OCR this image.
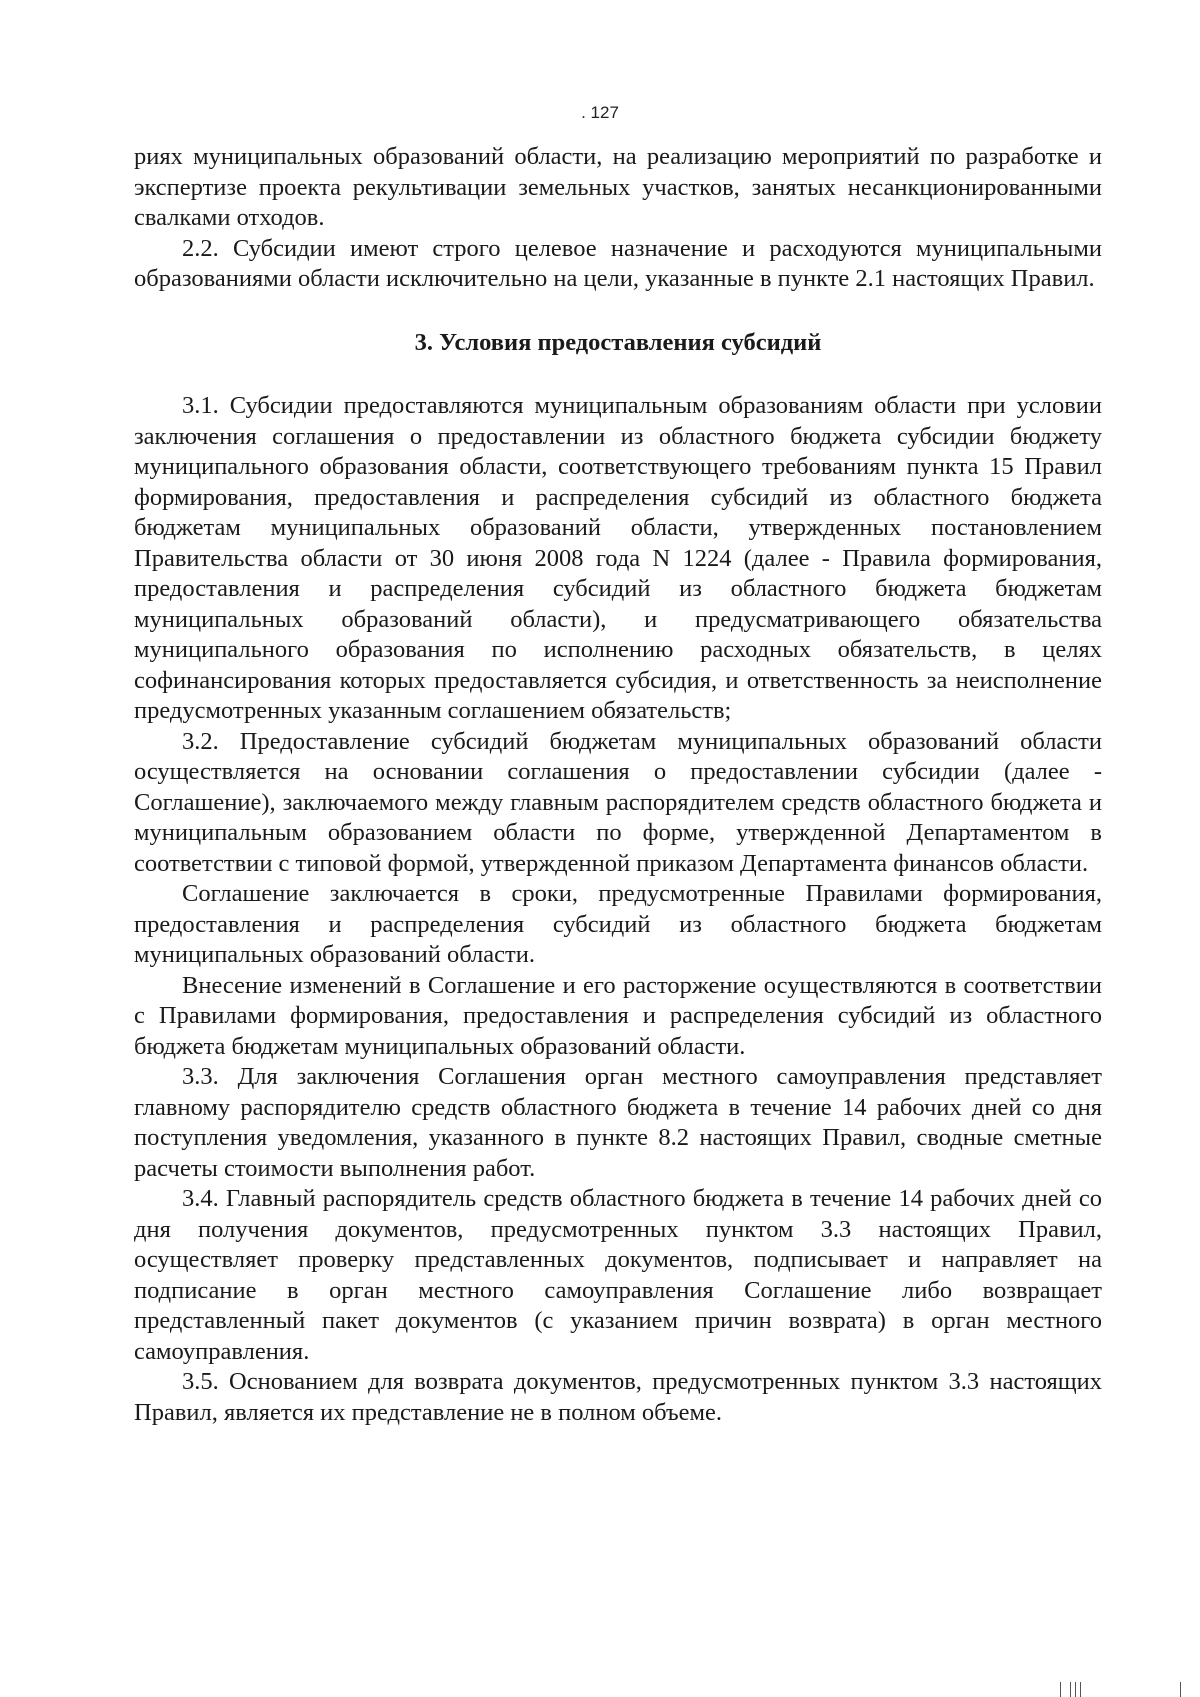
. 127

риях муниципальных образований области, на реализацию мероприятий по разработке и экспертизе проекта рекультивации земельных участков, занятых несанкционированными свалками отходов.

2.2. Субсидии имеют строго целевое назначение и расходуются муниципальными образованиями области исключительно на цели, указанные в пункте 2.1 настоящих Правил.

3. Условия предоставления субсидий

3.1. Субсидии предоставляются муниципальным образованиям области при условии заключения соглашения о предоставлении из областного бюджета субсидии бюджету муниципального образования области, соответствующего требованиям пункта 15 Правил формирования, предоставления и распределения субсидий из областного бюджета бюджетам муниципальных образований области, утвержденных постановлением Правительства области от 30 июня 2008 года N 1224 (далее - Правила формирования, предоставления и распределения субсидий из областного бюджета бюджетам муниципальных образований области), и предусматривающего обязательства муниципального образования по исполнению расходных обязательств, в целях софинансирования которых предоставляется субсидия, и ответственность за неисполнение предусмотренных указанным соглашением обязательств;

3.2. Предоставление субсидий бюджетам муниципальных образований области осуществляется на основании соглашения о предоставлении субсидии (далее - Соглашение), заключаемого между главным распорядителем средств областного бюджета и муниципальным образованием области по форме, утвержденной Департаментом в соответствии с типовой формой, утвержденной приказом Департамента финансов области.

Соглашение заключается в сроки, предусмотренные Правилами формирования, предоставления и распределения субсидий из областного бюджета бюджетам муниципальных образований области.

Внесение изменений в Соглашение и его расторжение осуществляются в соответствии с Правилами формирования, предоставления и распределения субсидий из областного бюджета бюджетам муниципальных образований области.

3.3. Для заключения Соглашения орган местного самоуправления представляет главному распорядителю средств областного бюджета в течение 14 рабочих дней со дня поступления уведомления, указанного в пункте 8.2 настоящих Правил, сводные сметные расчеты стоимости выполнения работ.

3.4. Главный распорядитель средств областного бюджета в течение 14 рабочих дней со дня получения документов, предусмотренных пунктом 3.3 настоящих Правил, осуществляет проверку представленных документов, подписывает и направляет на подписание в орган местного самоуправления Соглашение либо возвращает представленный пакет документов (с указанием причин возврата) в орган местного самоуправления.

3.5. Основанием для возврата документов, предусмотренных пунктом 3.3 настоящих Правил, является их представление не в полном объеме.
